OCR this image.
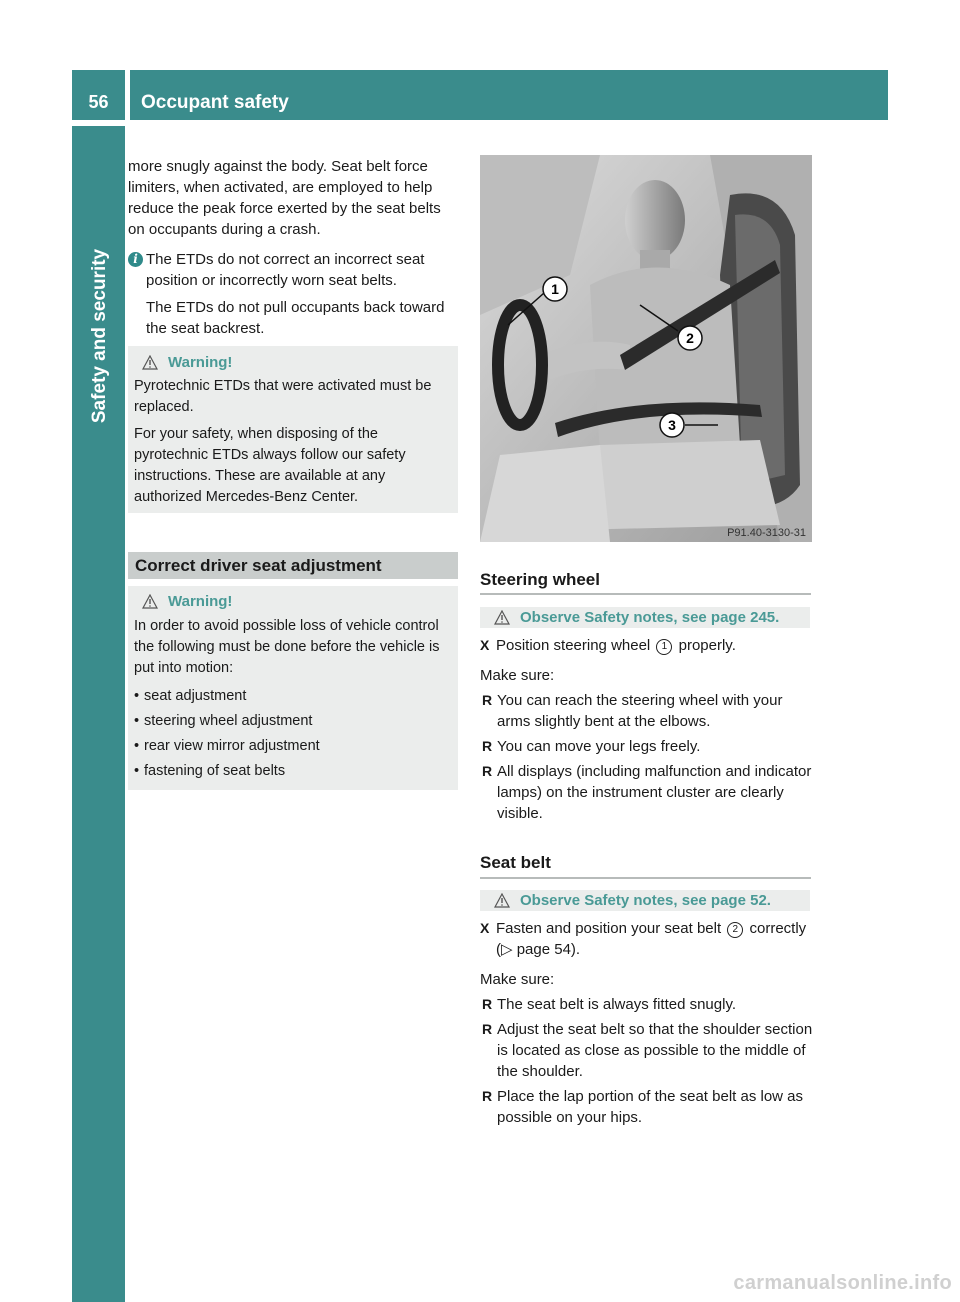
56	Occupant safety
Safety and security

more snugly against the body. Seat belt force limiters, when activated, are employed to help reduce the peak force exerted by the seat belts on occupants during a crash.

i The ETDs do not correct an incorrect seat position or incorrectly worn seat belts.

The ETDs do not pull occupants back toward the seat backrest.

Warning!

Pyrotechnic ETDs that were activated must be replaced.

For your safety, when disposing of the pyrotechnic ETDs always follow our safety instructions. These are available at any authorized Mercedes-Benz Center.

Correct driver seat adjustment
Warning!

In order to avoid possible loss of vehicle control the following must be done before the vehicle is put into motion:

• seat adjustment

• steering wheel adjustment

• rear view mirror adjustment

• fastening of seat belts

1
2
3
P91.40-3130-31
Steering wheel
Observe Safety notes, see page 245.

X Position steering wheel 1 properly.

Make sure:

R You can reach the steering wheel with your arms slightly bent at the elbows.

R You can move your legs freely.

R All displays (including malfunction and indicator lamps) on the instrument cluster are clearly visible.

Seat belt
Observe Safety notes, see page 52.

X Fasten and position your seat belt 2 correctly (▷ page 54).

Make sure:

R The seat belt is always fitted snugly.

R Adjust the seat belt so that the shoulder section is located as close as possible to the middle of the shoulder.

R Place the lap portion of the seat belt as low as possible on your hips.

carmanualsonline.info
